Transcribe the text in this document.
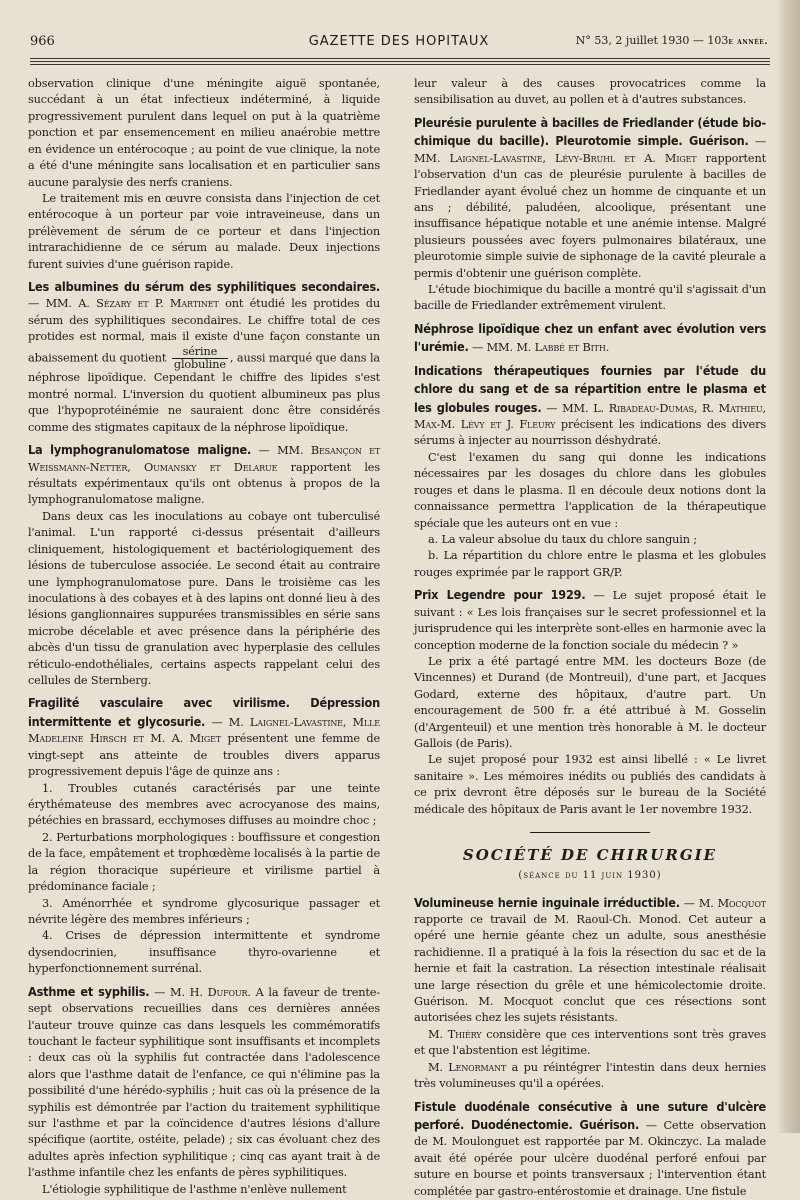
966	GAZETTE DES HOPITAUX	N° 53, 2 juillet 1930 — 103e année.

observation clinique d'une méningite aiguë spontanée, succédant à un état infectieux indéterminé, à liquide progressivement purulent dans lequel on put à la quatrième ponction et par ensemencement en milieu anaérobie mettre en évidence un entérocoque ; au point de vue clinique, la note a été d'une méningite sans localisation et en particulier sans aucune paralysie des nerfs craniens.

Le traitement mis en œuvre consista dans l'injection de cet entérocoque à un porteur par voie intraveineuse, dans un prélèvement de sérum de ce porteur et dans l'injection intrarachidienne de ce sérum au malade. Deux injections furent suivies d'une guérison rapide.

Les albumines du sérum des syphilitiques secondaires. — MM. A. Sézary et P. Martinet ont étudié les protides du sérum des syphilitiques secondaires. Le chiffre total de ces protides est normal, mais il existe d'une façon constante un abaissement du quotient $\frac{\text{sérine}}{\text{globuline}}$ , aussi marqué que dans la néphrose lipoïdique. Cependant le chiffre des lipides s'est montré normal. L'inversion du quotient albumineux pas plus que l'hypoprotéinémie ne sauraient donc être considérés comme des stigmates capitaux de la néphrose lipoïdique.

La lymphogranulomatose maligne. — MM. Besançon et Weissmann-Netter, Oumansky et Delarue rapportent les résultats expérimentaux qu'ils ont obtenus à propos de la lymphogranulomatose maligne.

Dans deux cas les inoculations au cobaye ont tuberculisé l'animal. L'un rapporté ci-dessus présentait d'ailleurs cliniquement, histologiquement et bactériologiquement des lésions de tuberculose associée. Le second était au contraire une lymphogranulomatose pure. Dans le troisième cas les inoculations à des cobayes et à des lapins ont donné lieu à des lésions ganglionnaires suppurées transmissibles en série sans microbe décelable et avec présence dans la périphérie des abcès d'un tissu de granulation avec hyperplasie des cellules réticulo-endothéliales, certains aspects rappelant celui des cellules de Sternberg.

Fragilité vasculaire avec virilisme. Dépression intermittente et glycosurie. — M. Laignel-Lavastine, Mlle Madeleine Hirsch et M. A. Miget présentent une femme de vingt-sept ans atteinte de troubles divers apparus progressivement depuis l'âge de quinze ans :

1. Troubles cutanés caractérisés par une teinte érythémateuse des membres avec acrocyanose des mains, pétéchies en brassard, ecchymoses diffuses au moindre choc ;

2. Perturbations morphologiques : bouffissure et congestion de la face, empâtement et trophœdème localisés à la partie de la région thoracique supérieure et virilisme partiel à prédominance faciale ;

3. Aménorrhée et syndrome glycosurique passager et névrite légère des membres inférieurs ;

4. Crises de dépression intermittente et syndrome dysendocrinien, insuffisance thyro-ovarienne et hyperfonctionnement surrénal.

Asthme et syphilis. — M. H. Dufour. A la faveur de trente-sept observations recueillies dans ces dernières années l'auteur trouve quinze cas dans lesquels les commémoratifs touchant le facteur syphilitique sont insuffisants et incomplets : deux cas où la syphilis fut contractée dans l'adolescence alors que l'asthme datait de l'enfance, ce qui n'élimine pas la possibilité d'une hérédo-syphilis ; huit cas où la présence de la syphilis est démontrée par l'action du traitement syphilitique sur l'asthme et par la coïncidence d'autres lésions d'allure spécifique (aortite, ostéite, pelade) ; six cas évoluant chez des adultes après infection syphilitique ; cinq cas ayant trait à de l'asthme infantile chez les enfants de pères syphilitiques.

L'étiologie syphilitique de l'asthme n'enlève nullement

leur valeur à des causes provocatrices comme la sensibilisation au duvet, au pollen et à d'autres substances.

Pleurésie purulente à bacilles de Friedlander (étude bio-chimique du bacille). Pleurotomie simple. Guérison. — MM. Laignel-Lavastine, Lévy-Bruhl et A. Miget rapportent l'observation d'un cas de pleurésie purulente à bacilles de Friedlander ayant évolué chez un homme de cinquante et un ans ; débilité, paludéen, alcoolique, présentant une insuffisance hépatique notable et une anémie intense. Malgré plusieurs poussées avec foyers pulmonaires bilatéraux, une pleurotomie simple suivie de siphonage de la cavité pleurale a permis d'obtenir une guérison complète.

L'étude biochimique du bacille a montré qu'il s'agissait d'un bacille de Friedlander extrêmement virulent.

Néphrose lipoïdique chez un enfant avec évolution vers l'urémie. — MM. M. Labbé et Bith.

Indications thérapeutiques fournies par l'étude du chlore du sang et de sa répartition entre le plasma et les globules rouges. — MM. L. Ribadeau-Dumas, R. Mathieu, Max-M. Lévy et J. Fleury précisent les indications des divers sérums à injecter au nourrisson déshydraté.

C'est l'examen du sang qui donne les indications nécessaires par les dosages du chlore dans les globules rouges et dans le plasma. Il en découle deux notions dont la connaissance permettra l'application de la thérapeutique spéciale que les auteurs ont en vue :

a. La valeur absolue du taux du chlore sanguin ;

b. La répartition du chlore entre le plasma et les globules rouges exprimée par le rapport GR/P.

Prix Legendre pour 1929. — Le sujet proposé était le suivant : « Les lois françaises sur le secret professionnel et la jurisprudence qui les interprète sont-elles en harmonie avec la conception moderne de la fonction sociale du médecin ? »

Le prix a été partagé entre MM. les docteurs Boze (de Vincennes) et Durand (de Montreuil), d'une part, et Jacques Godard, externe des hôpitaux, d'autre part. Un encouragement de 500 fr. a été attribué à M. Gosselin (d'Argenteuil) et une mention très honorable à M. le docteur Gallois (de Paris).

Le sujet proposé pour 1932 est ainsi libellé : « Le livret sanitaire ». Les mémoires inédits ou publiés des candidats à ce prix devront être déposés sur le bureau de la Société médicale des hôpitaux de Paris avant le 1er novembre 1932.

SOCIÉTÉ DE CHIRURGIE
(séance du 11 juin 1930)

Volumineuse hernie inguinale irréductible. — M. Mocquot rapporte ce travail de M. Raoul-Ch. Monod. Cet auteur a opéré une hernie géante chez un adulte, sous anesthésie rachidienne. Il a pratiqué à la fois la résection du sac et de la hernie et fait la castration. La résection intestinale réalisait une large résection du grêle et une hémicolectomie droite. Guérison. M. Mocquot conclut que ces résections sont autorisées chez les sujets résistants.

M. Thiéry considère que ces interventions sont très graves et que l'abstention est légitime.

M. Lenormant a pu réintégrer l'intestin dans deux hernies très volumineuses qu'il a opérées.

Fistule duodénale consécutive à une suture d'ulcère perforé. Duodénectomie. Guérison. — Cette observation de M. Moulonguet est rapportée par M. Okinczyc. La malade avait été opérée pour ulcère duodénal perforé enfoui par suture en bourse et points transversaux ; l'intervention étant complétée par gastro-entérostomie et drainage. Une fistule
